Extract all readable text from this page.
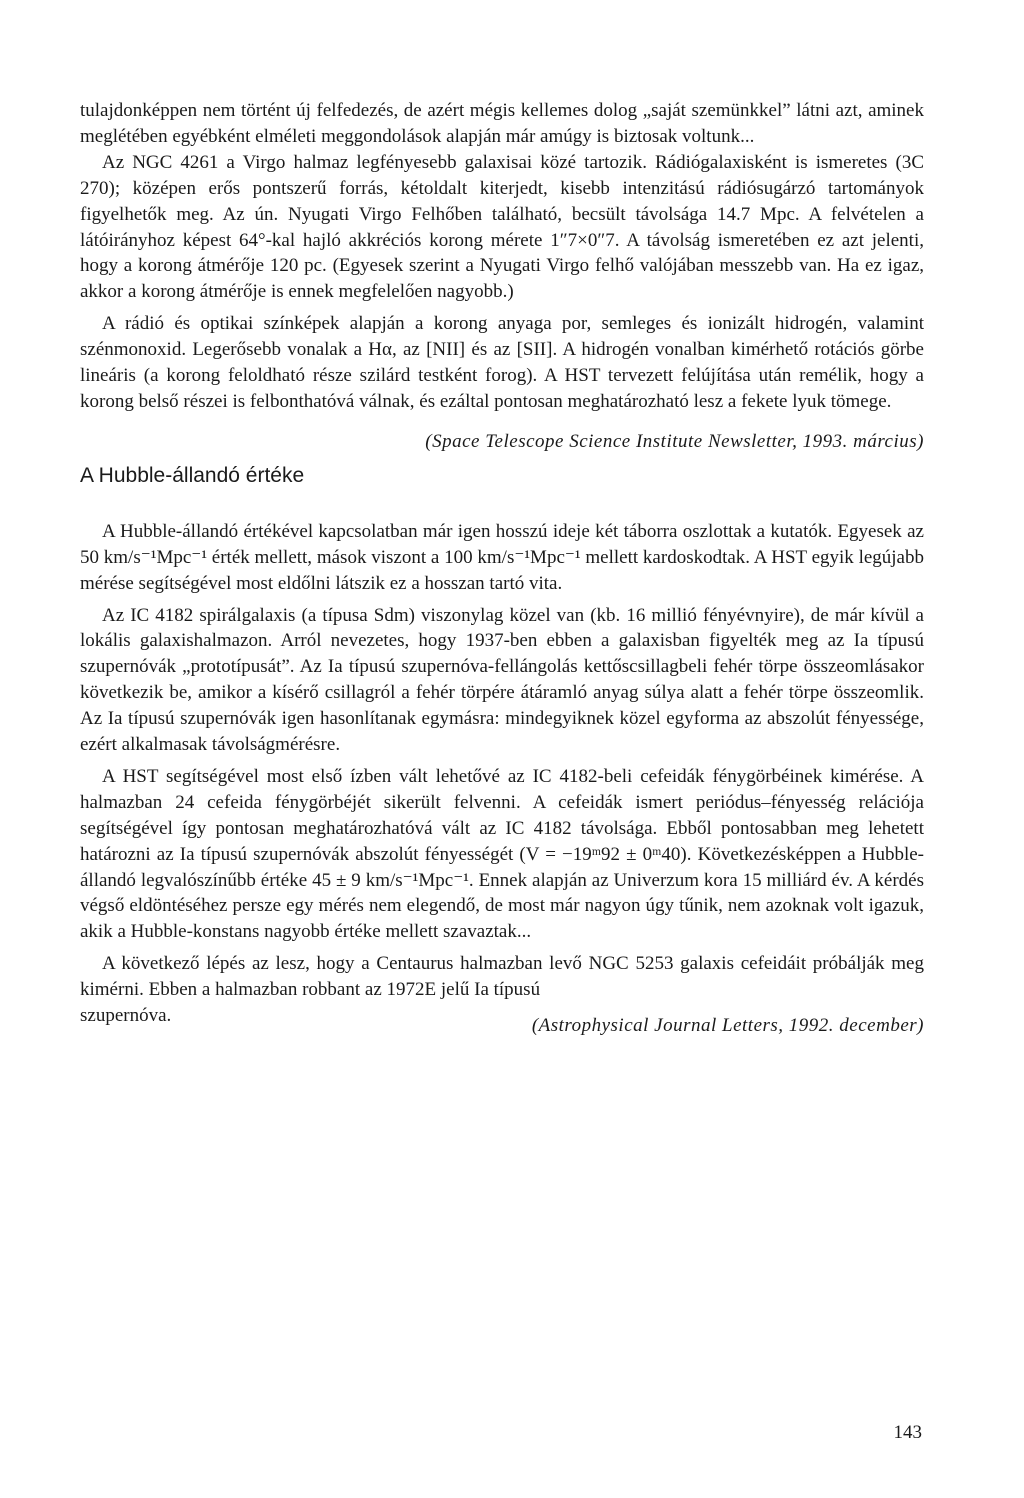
tulajdonképpen nem történt új felfedezés, de azért mégis kellemes dolog „saját szemünkkel” látni azt, aminek meglétében egyébként elméleti meggondolások alapján már amúgy is biztosak voltunk...

Az NGC 4261 a Virgo halmaz legfényesebb galaxisai közé tartozik. Rádiógalaxisként is ismeretes (3C 270); középen erős pontszerű forrás, kétoldalt kiterjedt, kisebb intenzitású rádiósugárzó tartományok figyelhetők meg. Az ún. Nyugati Virgo Felhőben található, becsült távolsága 14.7 Mpc. A felvételen a látóirányhoz képest 64°-kal hajló akkréciós korong mérete 1″7×0″7. A távolság ismeretében ez azt jelenti, hogy a korong átmérője 120 pc. (Egyesek szerint a Nyugati Virgo felhő valójában messzebb van. Ha ez igaz, akkor a korong átmérője is ennek megfelelően nagyobb.)

A rádió és optikai színképek alapján a korong anyaga por, semleges és ionizált hidrogén, valamint szénmonoxid. Legerősebb vonalak a Hα, az [NII] és az [SII]. A hidrogén vonalban kimérhető rotációs görbe lineáris (a korong feloldható része szilárd testként forog). A HST tervezett felújítása után remélik, hogy a korong belső részei is felbonthatóvá válnak, és ezáltal pontosan meghatározható lesz a fekete lyuk tömege.

(Space Telescope Science Institute Newsletter, 1993. március)

A Hubble-állandó értéke

A Hubble-állandó értékével kapcsolatban már igen hosszú ideje két táborra oszlottak a kutatók. Egyesek az 50 km/s⁻¹Mpc⁻¹ érték mellett, mások viszont a 100 km/s⁻¹Mpc⁻¹ mellett kardoskodtak. A HST egyik legújabb mérése segítségével most eldőlni látszik ez a hosszan tartó vita.

Az IC 4182 spirálgalaxis (a típusa Sdm) viszonylag közel van (kb. 16 millió fényévnyire), de már kívül a lokális galaxishalmazon. Arról nevezetes, hogy 1937-ben ebben a galaxisban figyelték meg az Ia típusú szupernóvák „prototípusát”. Az Ia típusú szupernóva-fellángolás kettőscsillagbeli fehér törpe összeomlásakor következik be, amikor a kísérő csillagról a fehér törpére átáramló anyag súlya alatt a fehér törpe összeomlik. Az Ia típusú szupernóvák igen hasonlítanak egymásra: mindegyiknek közel egyforma az abszolút fényessége, ezért alkalmasak távolságmérésre.

A HST segítségével most első ízben vált lehetővé az IC 4182-beli cefeidák fénygörbéinek kimérése. A halmazban 24 cefeida fénygörbéjét sikerült felvenni. A cefeidák ismert periódus–fényesség relációja segítségével így pontosan meghatározhatóvá vált az IC 4182 távolsága. Ebből pontosabban meg lehetett határozni az Ia típusú szupernóvák abszolút fényességét (V = −19ᵐ92 ± 0ᵐ40). Következésképpen a Hubble-állandó legvalószínűbb értéke 45 ± 9 km/s⁻¹Mpc⁻¹. Ennek alapján az Univerzum kora 15 milliárd év. A kérdés végső eldöntéséhez persze egy mérés nem elegendő, de most már nagyon úgy tűnik, nem azoknak volt igazuk, akik a Hubble-konstans nagyobb értéke mellett szavaztak...

A következő lépés az lesz, hogy a Centaurus halmazban levő NGC 5253 galaxis cefeidáit próbálják meg kimérni. Ebben a halmazban robbant az 1972E jelű Ia típusú

szupernóva.	(Astrophysical Journal Letters, 1992. december)
143
